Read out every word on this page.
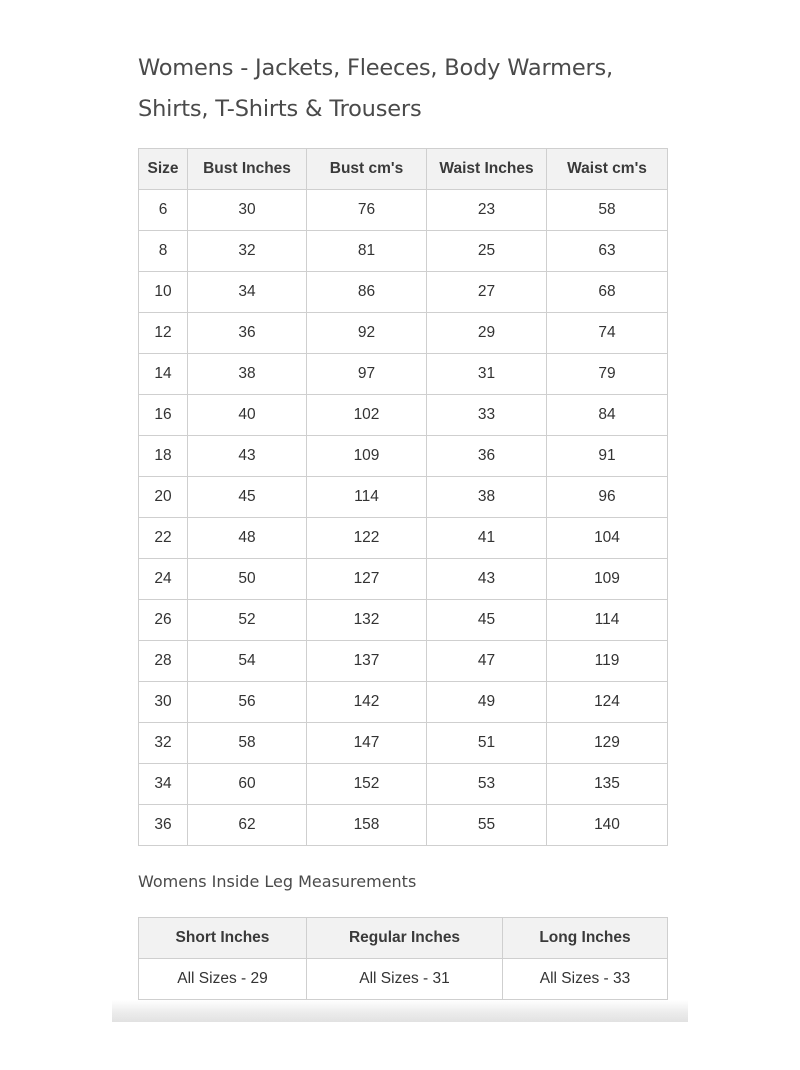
Womens - Jackets, Fleeces, Body Warmers,
Shirts, T-Shirts & Trousers
Size	Bust Inches	Bust cm's	Waist Inches	Waist cm's
6	30	76	23	58
8	32	81	25	63
10	34	86	27	68
12	36	92	29	74
14	38	97	31	79
16	40	102	33	84
18	43	109	36	91
20	45	114	38	96
22	48	122	41	104
24	50	127	43	109
26	52	132	45	114
28	54	137	47	119
30	56	142	49	124
32	58	147	51	129
34	60	152	53	135
36	62	158	55	140
Womens Inside Leg Measurements
Short Inches	Regular Inches	Long Inches
All Sizes - 29	All Sizes - 31	All Sizes - 33
